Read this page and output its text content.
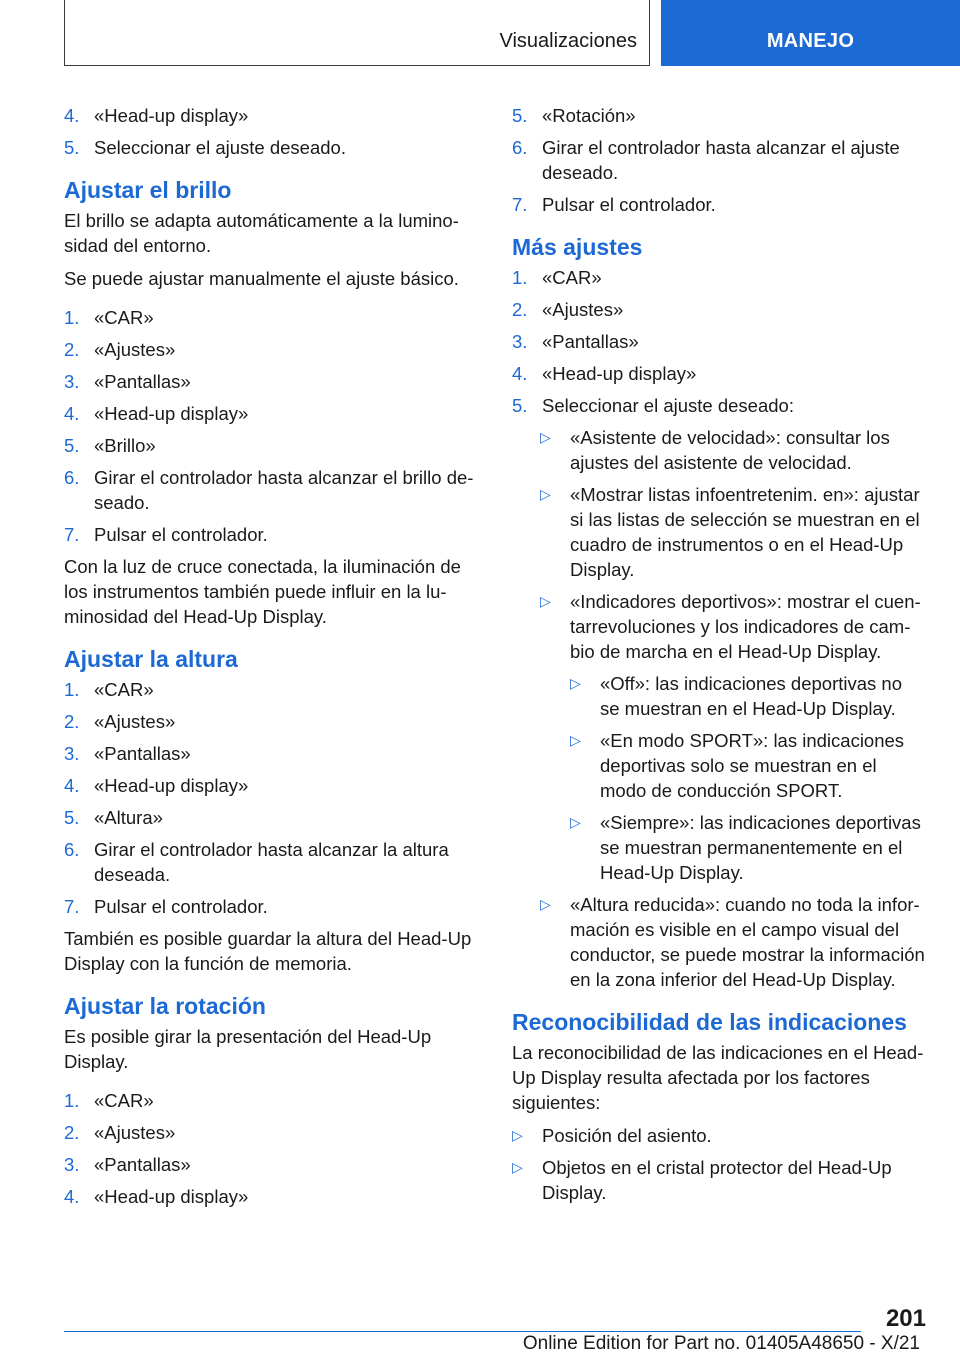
Visualizaciones	MANEJO
4. «Head-up display»
5. Seleccionar el ajuste deseado.
Ajustar el brillo

El brillo se adapta automáticamente a la luminosidad del entorno.

Se puede ajustar manualmente el ajuste básico.

1. «CAR»
2. «Ajustes»
3. «Pantallas»
4. «Head-up display»
5. «Brillo»
6. Girar el controlador hasta alcanzar el brillo deseado.
7. Pulsar el controlador.

Con la luz de cruce conectada, la iluminación de los instrumentos también puede influir en la luminosidad del Head-Up Display.

Ajustar la altura
1. «CAR»
2. «Ajustes»
3. «Pantallas»
4. «Head-up display»
5. «Altura»
6. Girar el controlador hasta alcanzar la altura deseada.
7. Pulsar el controlador.

También es posible guardar la altura del Head-Up Display con la función de memoria.

Ajustar la rotación

Es posible girar la presentación del Head-Up Display.

1. «CAR»
2. «Ajustes»
3. «Pantallas»
4. «Head-up display»
5. «Rotación»
6. Girar el controlador hasta alcanzar el ajuste deseado.
7. Pulsar el controlador.
Más ajustes
1. «CAR»
2. «Ajustes»
3. «Pantallas»
4. «Head-up display»
5. Seleccionar el ajuste deseado:
▷	«Asistente de velocidad»: consultar los ajustes del asistente de velocidad.
▷	«Mostrar listas infoentretenim. en»: ajustar si las listas de selección se muestran en el cuadro de instrumentos o en el Head-Up Display.
▷	«Indicadores deportivos»: mostrar el cuentarrevoluciones y los indicadores de cambio de marcha en el Head-Up Display.
▷	«Off»: las indicaciones deportivas no se muestran en el Head-Up Display.
▷	«En modo SPORT»: las indicaciones deportivas solo se muestran en el modo de conducción SPORT.
▷	«Siempre»: las indicaciones deportivas se muestran permanentemente en el Head-Up Display.
▷	«Altura reducida»: cuando no toda la información es visible en el campo visual del conductor, se puede mostrar la información en la zona inferior del Head-Up Display.
Reconocibilidad de las indicaciones

La reconocibilidad de las indicaciones en el Head-Up Display resulta afectada por los factores siguientes:

▷	Posición del asiento.
▷	Objetos en el cristal protector del Head-Up Display.
201
Online Edition for Part no. 01405A48650 - X/21
